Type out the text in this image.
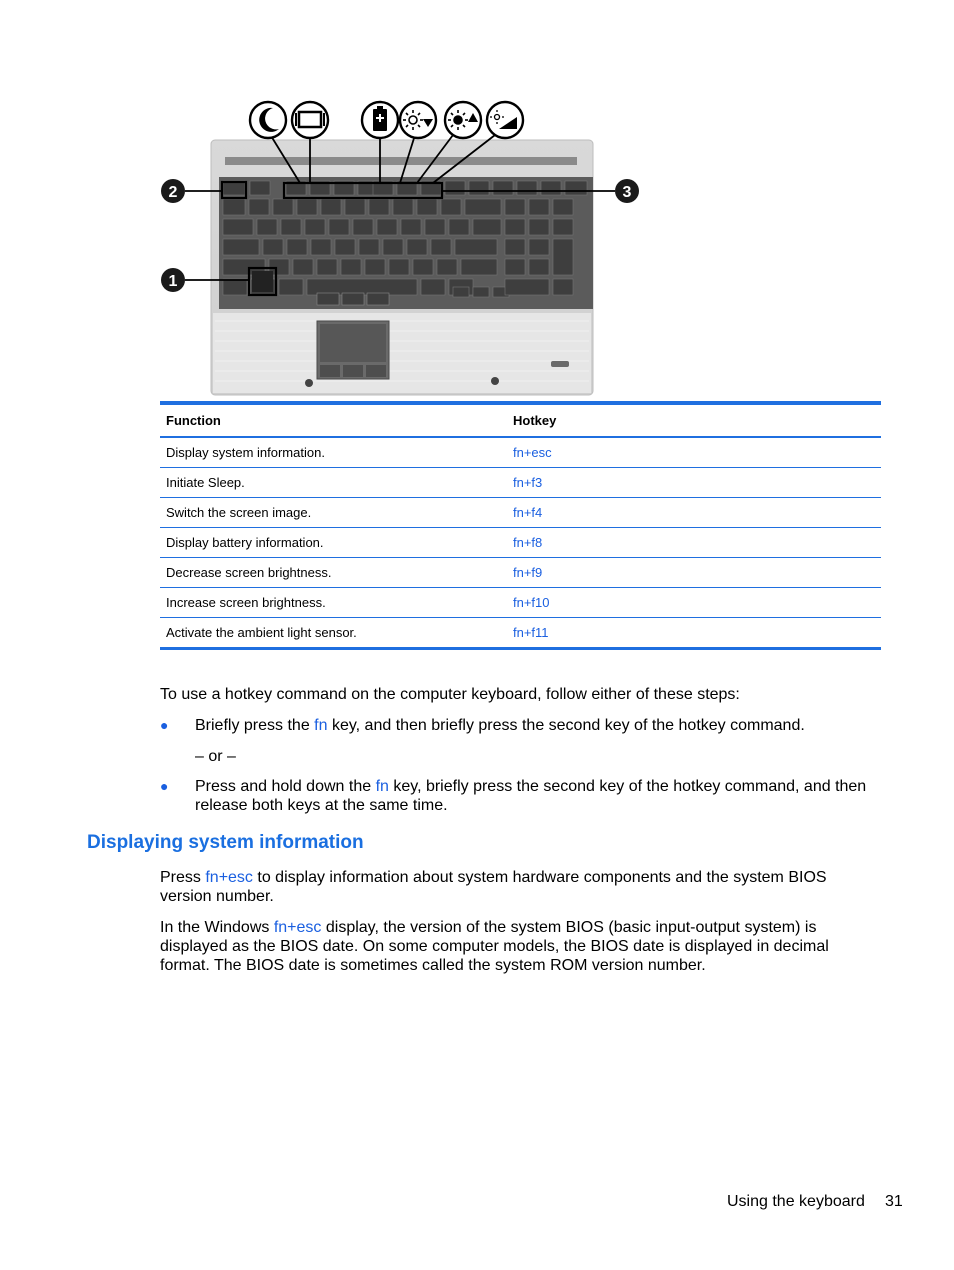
2
1
3
Function	Hotkey
Display system information.	fn+esc
Initiate Sleep.	fn+f3
Switch the screen image.	fn+f4
Display battery information.	fn+f8
Decrease screen brightness.	fn+f9
Increase screen brightness.	fn+f10
Activate the ambient light sensor.	fn+f11

To use a hotkey command on the computer keyboard, follow either of these steps:

● Briefly press the fn key, and then briefly press the second key of the hotkey command.

– or –

● Press and hold down the fn key, briefly press the second key of the hotkey command, and then release both keys at the same time.

Displaying system information

Press fn+esc to display information about system hardware components and the system BIOS version number.

In the Windows fn+esc display, the version of the system BIOS (basic input-output system) is displayed as the BIOS date. On some computer models, the BIOS date is displayed in decimal format. The BIOS date is sometimes called the system ROM version number.

Using the keyboard 31
